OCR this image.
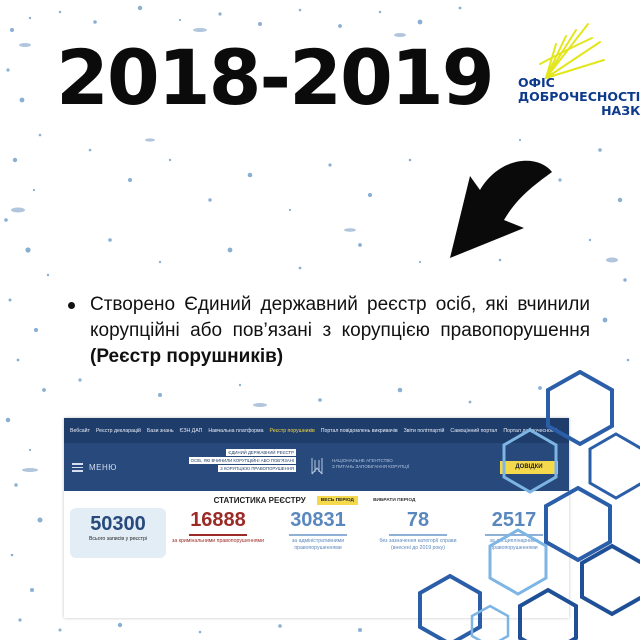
2018-2019 ОФІС
ДОБРОЧЕСНОСТІ
НАЗК
Створено Єдиний державний реєстр осіб, які вчинили корупційні або пов’язані з корупцією правопорушення (Реєстр порушників)
Вебсайт Реєстр декларацій Бази знань ЄЗН ДАП Навчальна платформа Реєстр порушників Портал повідомлень викривачів Звіти політпартій Самоцінний портал Портал доброчесності
МЕНЮ
ЄДИНИЙ ДЕРЖАВНИЙ РЕЄСТР
ОСІБ, ЯКІ ВЧИНИЛИ КОРУПЦІЙНІ АБО ПОВ’ЯЗАНІ
З КОРУПЦІЄЮ ПРАВОПОРУШЕННЯ
НАЦІОНАЛЬНЕ АГЕНТСТВО
З ПИТАНЬ ЗАПОБІГАННЯ КОРУПЦІЇ	ДОВІДКИ
СТАТИСТИКА РЕЄСТРУ	ВЕСЬ ПЕРІОД	ВИБРАТИ ПЕРІОД
50300
Всього записів у реєстрі
16888
за кримінальними правопорушеннями
30831
за адміністративними правопорушеннями
78
без зазначення категорії справи (внесені до 2019 року)
2517
за дисциплінарними правопорушеннями
